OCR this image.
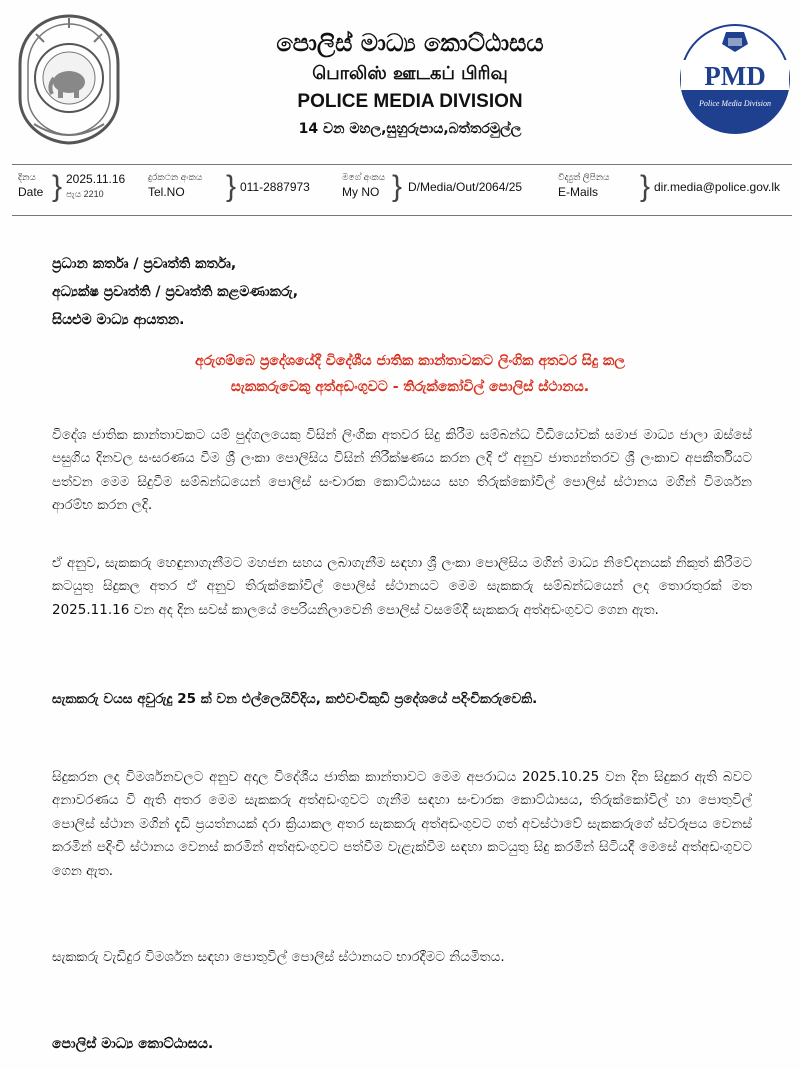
පොලිස් මාධ්‍ය කොට්ඨාසය
பொலிஸ் ஊடகப் பிரிவு
POLICE MEDIA DIVISION
14 වන මහල,සුහුරුපාය,බත්තරමුල්ල
PMD
Police Media Division
දිනය
Date } 2025.11.16
පැය 2210
දුරකථන අංකය
Tel.NO	} 011-2887973
මගේ අංකය
My NO } D/Media/Out/2064/25
විද්‍යුත් ලිපිනය
E-Mails	} dir.media@police.gov.lk
ප්‍රධාන කර්තෘ / ප්‍රවෘත්ති කර්තෘ,
අධ්‍යක්ෂ ප්‍රවෘත්ති / ප්‍රවෘත්ති කළමණාකරු,
සියළුම මාධ්‍ය ආයතන.
අරුගම්බෙ ප්‍රදේශයේදී විදේශීය ජාතික කාන්තාවකට ලිංගික අතවර සිදු කල
සැකකරුවෙකු අත්අඩංගුවට - තිරුක්කෝවිල් පොලිස් ස්ථානය.
විදේශ ජාතික කාන්තාවකට යම් පුද්ගලයෙකු විසින් ලිංගික අතවර සිදු කිරීම සම්බන්ධ වීඩියෝවක් සමාජ මාධ්‍ය ජාලා ඔස්සේ පසුගිය දිනවල සංසරණය වීම ශ්‍රී ලංකා පොලිසිය විසින් නිරීක්ෂණය කරන ලදි ඒ අනුව ජාත්‍යන්තරව ශ්‍රී ලංකාව අපකීර්තියට පත්වන මෙම සිදුවීම සම්බන්ධයෙන් පොලිස් සංචාරක කොට්ඨාසය සහ තිරුක්කෝවිල් පොලිස් ස්ථානය මගින් විමර්ශන ආරම්භ කරන ලදි.
ඒ අනුව, සැකකරු හෙඳුනාගැනීමට මහජන සහය ලබාගැනීම සඳහා ශ්‍රී ලංකා පොලිසිය මගින් මාධ්‍ය නිවේදනයක් නිකුත් කිරීමට කටයුතු සිදුකල අතර ඒ අනුව තිරුක්කෝවිල් පොලිස් ස්ථානයට මෙම සැකකරු සම්බන්ධයෙන් ලද තොරතුරක් මත 2025.11.16 වන අද දින සවස් කාලයේ පෙරියනිලාවෙනි පොලිස් වසමේදී සැකකරු අත්අඩංගුවට ගෙන ඇත.
සැකකරු වයස අවුරුදු 25 ක් වන එල්ලෙයිවිදිය, කළුවංචිකුඩි ප්‍රදේශයේ පදිංචිකරුවෙකි.
සිදුකරන ලද විමර්ශනවලට අනුව අදාල විදේශීය ජාතික කාන්තාවට මෙම අපරාධය 2025.10.25 වන දින සිදුකර ඇති බවට අනාවරණය වී ඇති අතර මෙම සැකකරු අත්අඩංගුවට ගැනීම සඳහා සංචාරක කොට්ඨාසය, තිරුක්කෝවිල් හා පොතුවිල් පොලිස් ස්ථාන මගින් දැඩි ප්‍රයත්නයක් දරා ක්‍රියාකල අතර සැකකරු අත්අඩංගුවට ගත් අවස්ථාවේ සැකකරුගේ ස්වරූපය වෙනස් කරමින් පදිංචි ස්ථානය වෙනස් කරමින් අත්අඩංගුවට පත්වීම වැළැක්වීම සඳහා කටයුතු සිදු කරමින් සිටියදී මෙසේ අත්අඩංගුවට ගෙන ඇත.
සැකකරු වැඩිදුර විමර්ශන සඳහා පොතුවිල් පොලිස් ස්ථානයට භාරදීමට නියමිතය.
පොලිස් මාධ්‍ය කොට්ඨාසය.
